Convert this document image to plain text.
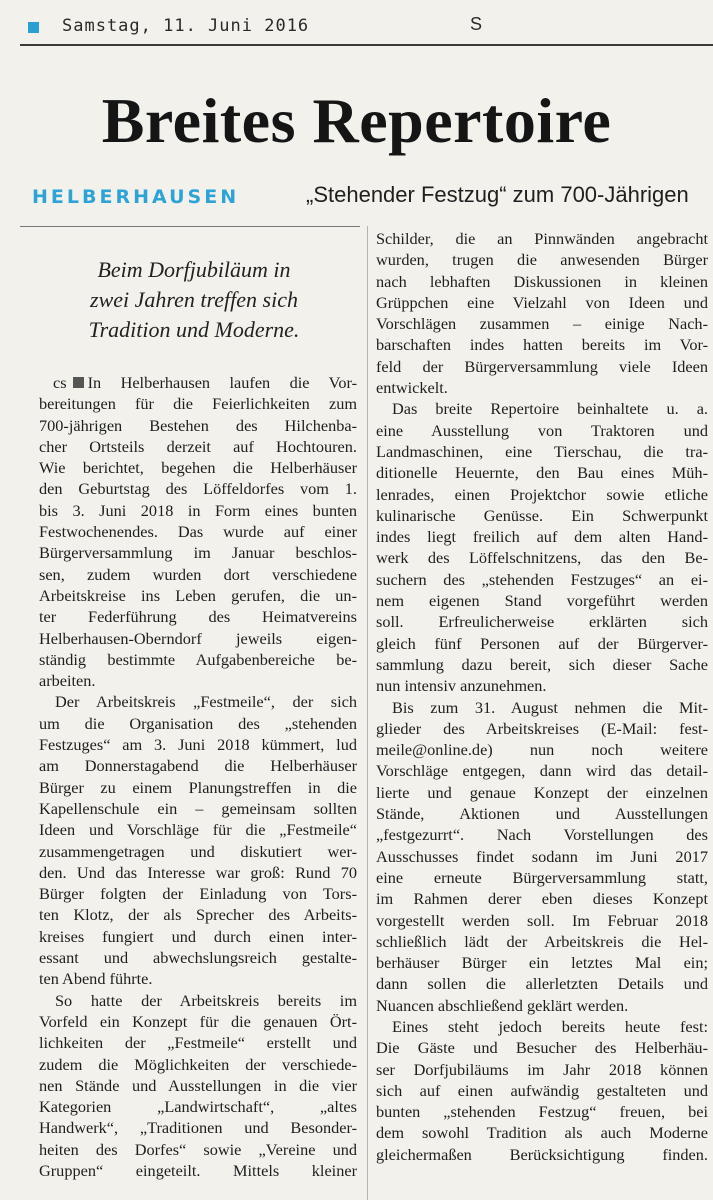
Samstag, 11. Juni 2016	S
Breites Repertoire
HELBERHAUSEN	„Stehender Festzug“ zum 700-Jährigen
Beim Dorfjubiläum in
zwei Jahren treffen sich
Tradition und Moderne.
cs In Helberhausen laufen die Vor-
bereitungen für die Feierlichkeiten zum
700-jährigen Bestehen des Hilchenba-
cher Ortsteils derzeit auf Hochtouren.
Wie berichtet, begehen die Helberhäuser
den Geburtstag des Löffeldorfes vom 1.
bis 3. Juni 2018 in Form eines bunten
Festwochenendes. Das wurde auf einer
Bürgerversammlung im Januar beschlos-
sen, zudem wurden dort verschiedene
Arbeitskreise ins Leben gerufen, die un-
ter Federführung des Heimatvereins
Helberhausen-Oberndorf jeweils eigen-
ständig bestimmte Aufgabenbereiche be-
arbeiten.
Der Arbeitskreis „Festmeile“, der sich
um die Organisation des „stehenden
Festzuges“ am 3. Juni 2018 kümmert, lud
am Donnerstagabend die Helberhäuser
Bürger zu einem Planungstreffen in die
Kapellenschule ein – gemeinsam sollten
Ideen und Vorschläge für die „Festmeile“
zusammengetragen und diskutiert wer-
den. Und das Interesse war groß: Rund 70
Bürger folgten der Einladung von Tors-
ten Klotz, der als Sprecher des Arbeits-
kreises fungiert und durch einen inter-
essant und abwechslungsreich gestalte-
ten Abend führte.
So hatte der Arbeitskreis bereits im
Vorfeld ein Konzept für die genauen Ört-
lichkeiten der „Festmeile“ erstellt und
zudem die Möglichkeiten der verschiede-
nen Stände und Ausstellungen in die vier
Kategorien „Landwirtschaft“, „altes
Handwerk“, „Traditionen und Besonder-
heiten des Dorfes“ sowie „Vereine und
Gruppen“ eingeteilt. Mittels kleiner
Schilder, die an Pinnwänden angebracht
wurden, trugen die anwesenden Bürger
nach lebhaften Diskussionen in kleinen
Grüppchen eine Vielzahl von Ideen und
Vorschlägen zusammen – einige Nach-
barschaften indes hatten bereits im Vor-
feld der Bürgerversammlung viele Ideen
entwickelt.
Das breite Repertoire beinhaltete u. a.
eine Ausstellung von Traktoren und
Landmaschinen, eine Tierschau, die tra-
ditionelle Heuernte, den Bau eines Müh-
lenrades, einen Projektchor sowie etliche
kulinarische Genüsse. Ein Schwerpunkt
indes liegt freilich auf dem alten Hand-
werk des Löffelschnitzens, das den Be-
suchern des „stehenden Festzuges“ an ei-
nem eigenen Stand vorgeführt werden
soll. Erfreulicherweise erklärten sich
gleich fünf Personen auf der Bürgerver-
sammlung dazu bereit, sich dieser Sache
nun intensiv anzunehmen.
Bis zum 31. August nehmen die Mit-
glieder des Arbeitskreises (E-Mail: fest-
meile@online.de) nun noch weitere
Vorschläge entgegen, dann wird das detail-
lierte und genaue Konzept der einzelnen
Stände, Aktionen und Ausstellungen
„festgezurrt“. Nach Vorstellungen des
Ausschusses findet sodann im Juni 2017
eine erneute Bürgerversammlung statt,
im Rahmen derer eben dieses Konzept
vorgestellt werden soll. Im Februar 2018
schließlich lädt der Arbeitskreis die Hel-
berhäuser Bürger ein letztes Mal ein;
dann sollen die allerletzten Details und
Nuancen abschließend geklärt werden.
Eines steht jedoch bereits heute fest:
Die Gäste und Besucher des Helberhäu-
ser Dorfjubiläums im Jahr 2018 können
sich auf einen aufwändig gestalteten und
bunten „stehenden Festzug“ freuen, bei
dem sowohl Tradition als auch Moderne
gleichermaßen Berücksichtigung finden.
